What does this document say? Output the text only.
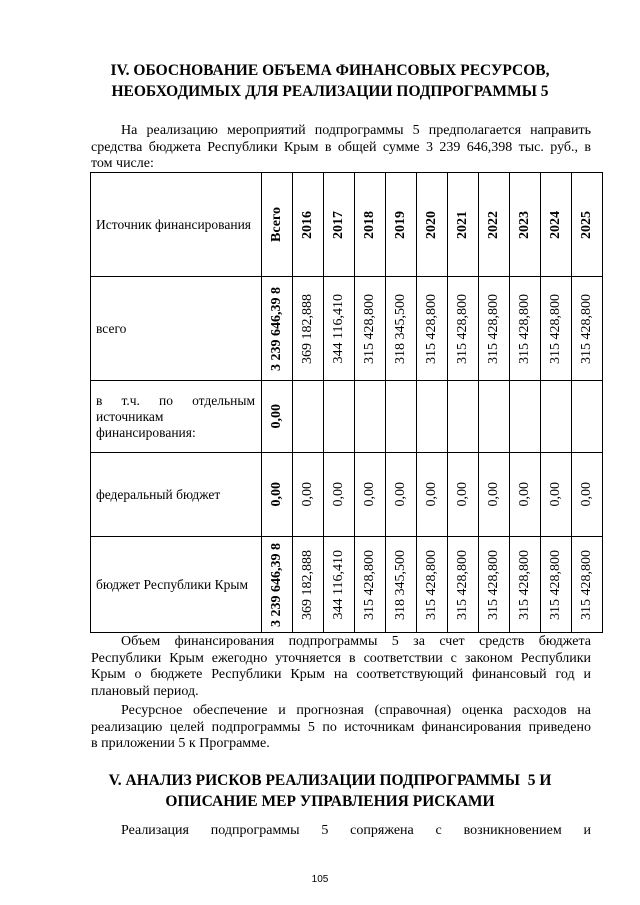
IV. ОБОСНОВАНИЕ ОБЪЕМА ФИНАНСОВЫХ РЕСУРСОВ,
НЕОБХОДИМЫХ ДЛЯ РЕАЛИЗАЦИИ ПОДПРОГРАММЫ 5
На реализацию мероприятий подпрограммы 5 предполагается направить
средства бюджета Республики Крым в общей сумме 3 239 646,398 тыс. руб., в
том числе:
Источник финансирования	Всего	2016	2017	2018	2019	2020	2021	2022	2023	2024	2025

всего	3 239 646,39 8	369 182,888	344 116,410	315 428,800	318 345,500	315 428,800	315 428,800	315 428,800	315 428,800	315 428,800	315 428,800

в т.ч. по отдельным источникам финансирования:	0,00										

федеральный бюджет	0,00	0,00	0,00	0,00	0,00	0,00	0,00	0,00	0,00	0,00	0,00

бюджет Республики Крым	3 239 646,39 8	369 182,888	344 116,410	315 428,800	318 345,500	315 428,800	315 428,800	315 428,800	315 428,800	315 428,800	315 428,800
Объем финансирования подпрограммы 5 за счет средств бюджета
Республики Крым ежегодно уточняется в соответствии с законом Республики
Крым о бюджете Республики Крым на соответствующий финансовый год и
плановый период.
Ресурсное обеспечение и прогнозная (справочная) оценка расходов на
реализацию целей подпрограммы 5 по источникам финансирования приведено
в приложении 5 к Программе.
V. АНАЛИЗ РИСКОВ РЕАЛИЗАЦИИ ПОДПРОГРАММЫ  5 И
ОПИСАНИЕ МЕР УПРАВЛЕНИЯ РИСКАМИ
Реализация подпрограммы 5 сопряжена с возникновением и
105
